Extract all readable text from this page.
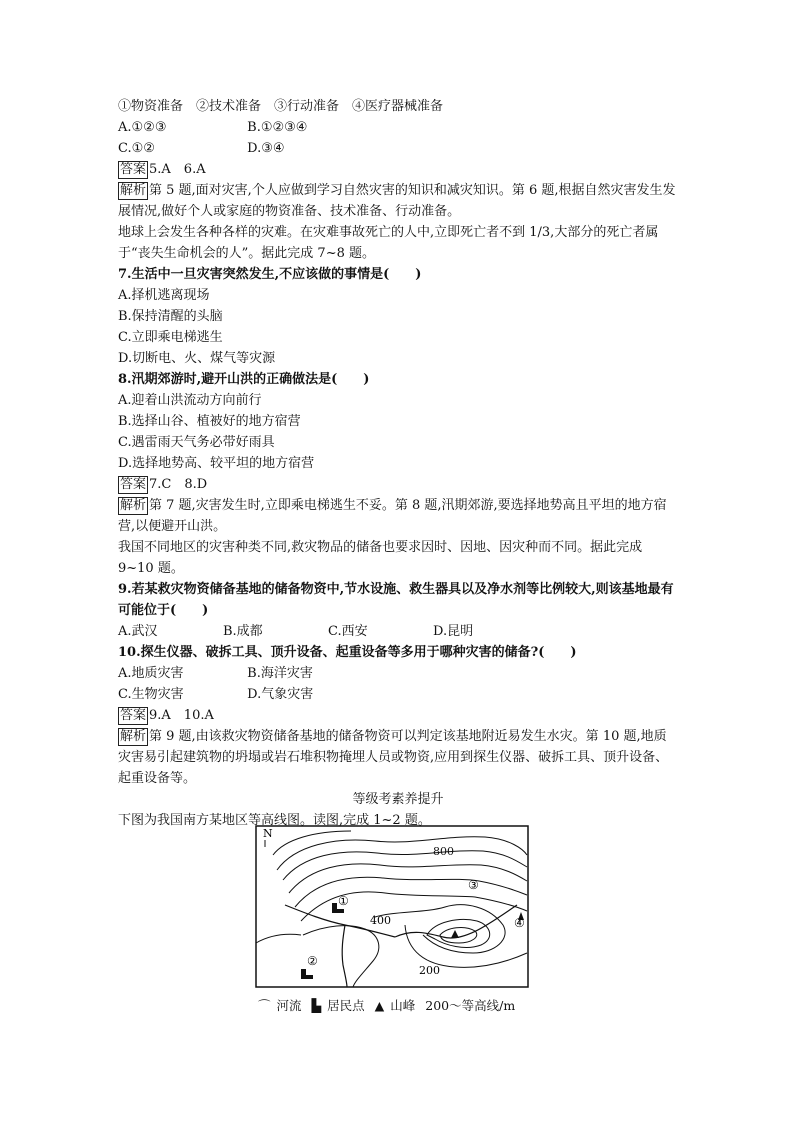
①物资准备　②技术准备　③行动准备　④医疗器械准备
A.①②③	B.①②③④
C.①②	D.③④
答案 5.A　6.A
解析 第 5 题,面对灾害,个人应做到学习自然灾害的知识和减灾知识。第 6 题,根据自然灾害发生发展情况,做好个人或家庭的物资准备、技术准备、行动准备。
地球上会发生各种各样的灾难。在灾难事故死亡的人中,立即死亡者不到 1/3,大部分的死亡者属于“丧失生命机会的人”。据此完成 7~8 题。
7.生活中一旦灾害突然发生,不应该做的事情是(　　)
A.择机逃离现场
B.保持清醒的头脑
C.立即乘电梯逃生
D.切断电、火、煤气等灾源
8.汛期郊游时,避开山洪的正确做法是(　　)
A.迎着山洪流动方向前行
B.选择山谷、植被好的地方宿营
C.遇雷雨天气务必带好雨具
D.选择地势高、较平坦的地方宿营
答案 7.C　8.D
解析 第 7 题,灾害发生时,立即乘电梯逃生不妥。第 8 题,汛期郊游,要选择地势高且平坦的地方宿营,以便避开山洪。
我国不同地区的灾害种类不同,救灾物品的储备也要求因时、因地、因灾种而不同。据此完成 9~10 题。
9.若某救灾物资储备基地的储备物资中,节水设施、救生器具以及净水剂等比例较大,则该基地最有可能位于(　　)
A.武汉	B.成都	C.西安	D.昆明
10.探生仪器、破拆工具、顶升设备、起重设备等多用于哪种灾害的储备?(　　)
A.地质灾害	B.海洋灾害
C.生物灾害	D.气象灾害
答案 9.A　10.A
解析 第 9 题,由该救灾物资储备基地的储备物资可以判定该基地附近易发生水灾。第 10 题,地质灾害易引起建筑物的坍塌或岩石堆积物掩埋人员或物资,应用到探生仪器、破拆工具、顶升设备、起重设备等。
等级考素养提升
下图为我国南方某地区等高线图。读图,完成 1~2 题。
N
800
400
200
①
②
③
④
⌒ 河流 ▙ 居民点 ▲ 山峰 200～等高线/m
